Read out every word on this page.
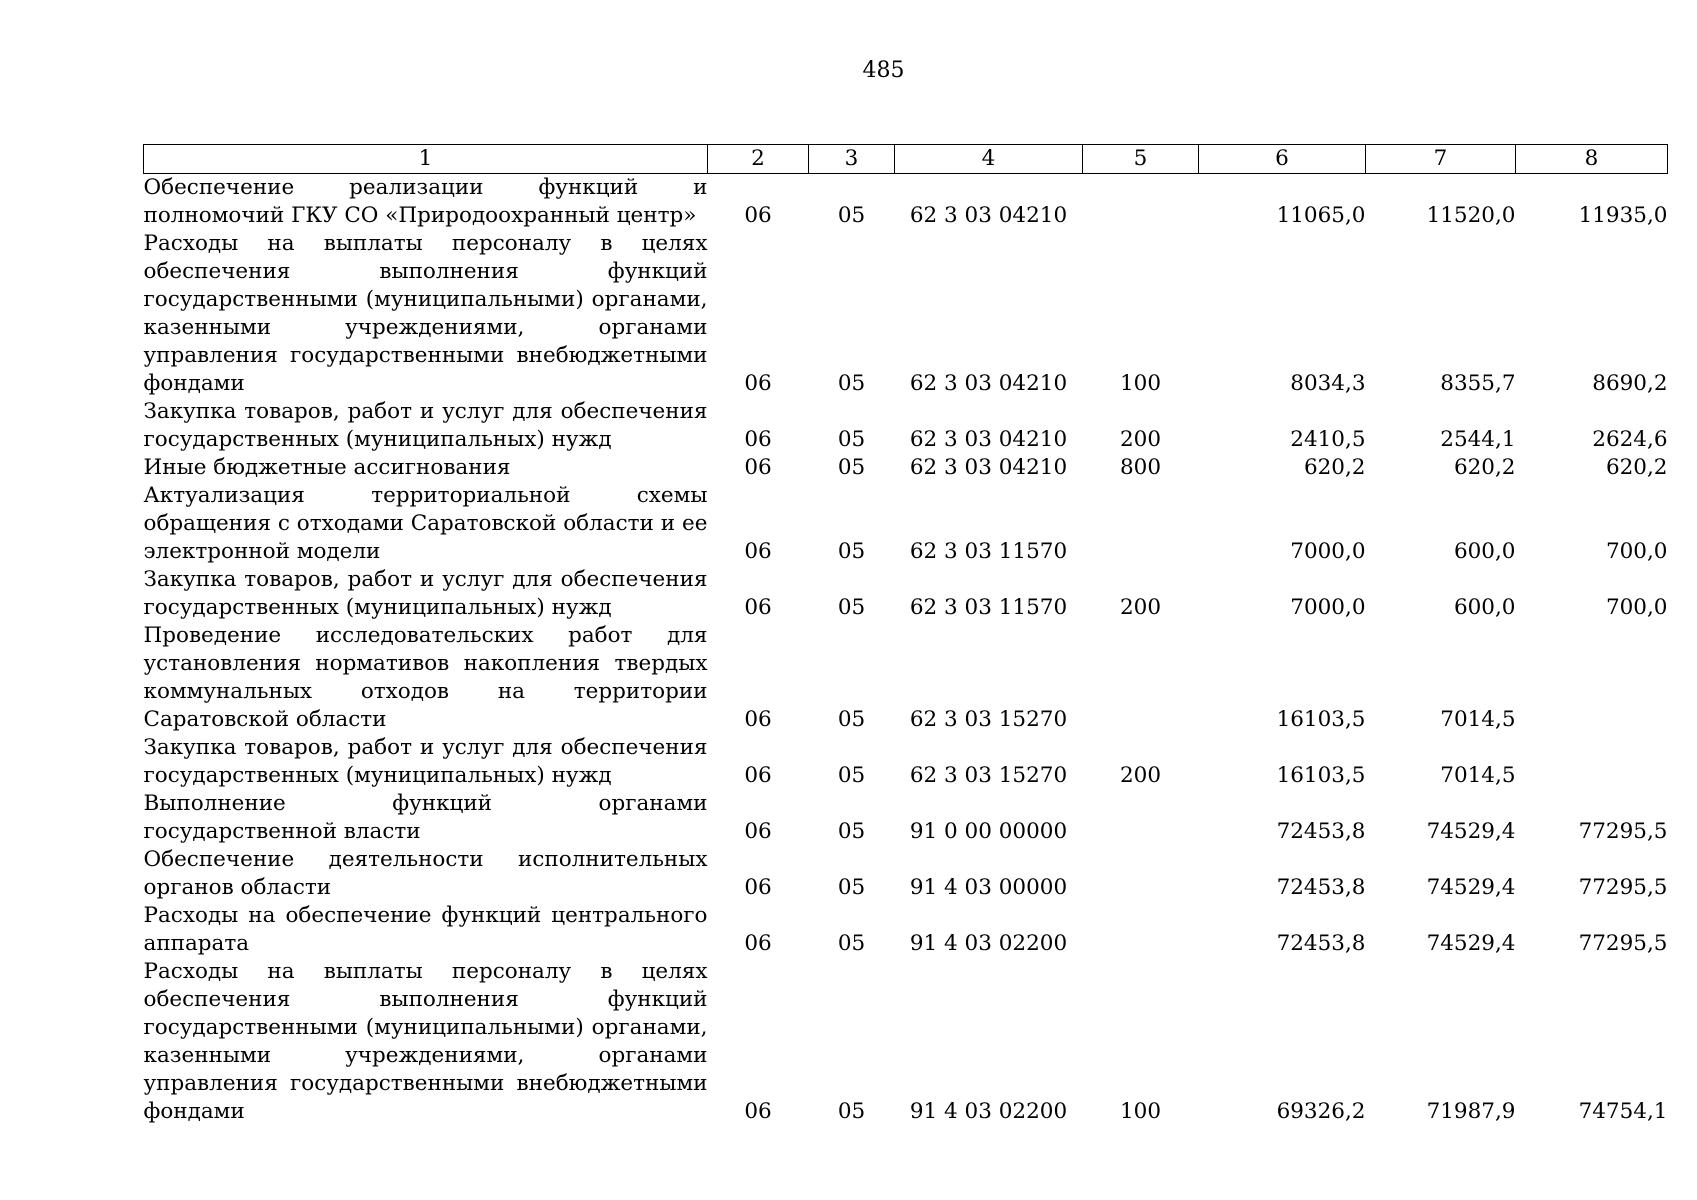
485
1	2	3	4	5	6	7	8
Обеспечение реализации функций и полномочий ГКУ СО «Природоохранный центр»	06	05	62 3 03 04210		11065,0	11520,0	11935,0
Расходы на выплаты персоналу в целях обеспечения выполнения функций государственными (муниципальными) органами, казенными учреждениями, органами управления государственными внебюджетными фондами	06	05	62 3 03 04210	100	8034,3	8355,7	8690,2
Закупка товаров, работ и услуг для обеспечения государственных (муниципальных) нужд	06	05	62 3 03 04210	200	2410,5	2544,1	2624,6
Иные бюджетные ассигнования	06	05	62 3 03 04210	800	620,2	620,2	620,2
Актуализация территориальной схемы обращения с отходами Саратовской области и ее электронной модели	06	05	62 3 03 11570		7000,0	600,0	700,0
Закупка товаров, работ и услуг для обеспечения государственных (муниципальных) нужд	06	05	62 3 03 11570	200	7000,0	600,0	700,0
Проведение исследовательских работ для установления нормативов накопления твердых коммунальных отходов на территории Саратовской области	06	05	62 3 03 15270		16103,5	7014,5	
Закупка товаров, работ и услуг для обеспечения государственных (муниципальных) нужд	06	05	62 3 03 15270	200	16103,5	7014,5	
Выполнение функций органами государственной власти	06	05	91 0 00 00000		72453,8	74529,4	77295,5
Обеспечение деятельности исполнительных органов области	06	05	91 4 03 00000		72453,8	74529,4	77295,5
Расходы на обеспечение функций центрального аппарата	06	05	91 4 03 02200		72453,8	74529,4	77295,5
Расходы на выплаты персоналу в целях обеспечения выполнения функций государственными (муниципальными) органами, казенными учреждениями, органами управления государственными внебюджетными фондами	06	05	91 4 03 02200	100	69326,2	71987,9	74754,1
